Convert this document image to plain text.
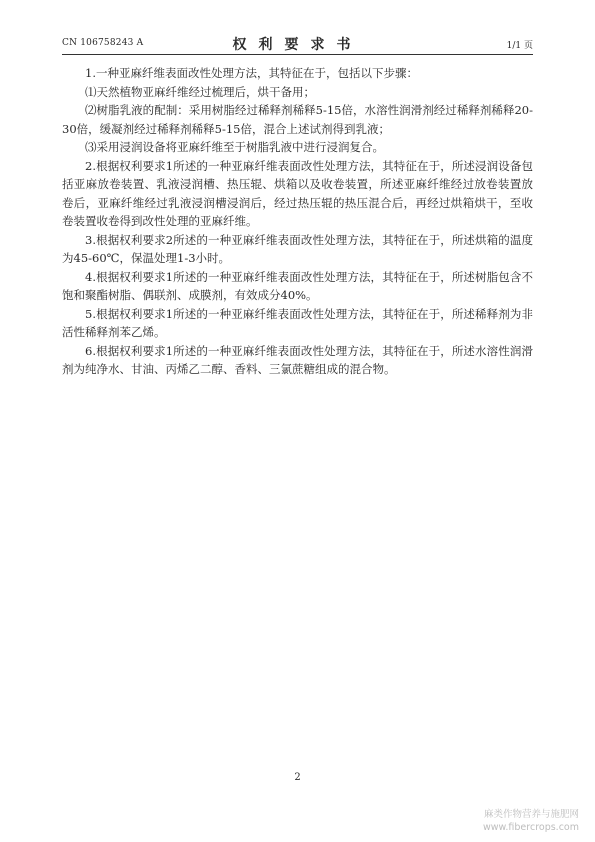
CN 106758243 A	权利要求书	1/1 页

1.一种亚麻纤维表面改性处理方法，其特征在于，包括以下步骤：

⑴天然植物亚麻纤维经过梳理后，烘干备用；

⑵树脂乳液的配制：采用树脂经过稀释剂稀释5-15倍，水溶性润滑剂经过稀释剂稀释20-30倍，缓凝剂经过稀释剂稀释5-15倍，混合上述试剂得到乳液；

⑶采用浸润设备将亚麻纤维至于树脂乳液中进行浸润复合。

2.根据权利要求1所述的一种亚麻纤维表面改性处理方法，其特征在于，所述浸润设备包括亚麻放卷装置、乳液浸润槽、热压辊、烘箱以及收卷装置，所述亚麻纤维经过放卷装置放卷后，亚麻纤维经过乳液浸润槽浸润后，经过热压辊的热压混合后，再经过烘箱烘干，至收卷装置收卷得到改性处理的亚麻纤维。

3.根据权利要求2所述的一种亚麻纤维表面改性处理方法，其特征在于，所述烘箱的温度为45-60℃，保温处理1-3小时。

4.根据权利要求1所述的一种亚麻纤维表面改性处理方法，其特征在于，所述树脂包含不饱和聚酯树脂、偶联剂、成膜剂，有效成分40%。

5.根据权利要求1所述的一种亚麻纤维表面改性处理方法，其特征在于，所述稀释剂为非活性稀释剂苯乙烯。

6.根据权利要求1所述的一种亚麻纤维表面改性处理方法，其特征在于，所述水溶性润滑剂为纯净水、甘油、丙烯乙二醇、香料、三氯蔗糖组成的混合物。

2
麻类作物营养与施肥网
www.fibercrops.com
